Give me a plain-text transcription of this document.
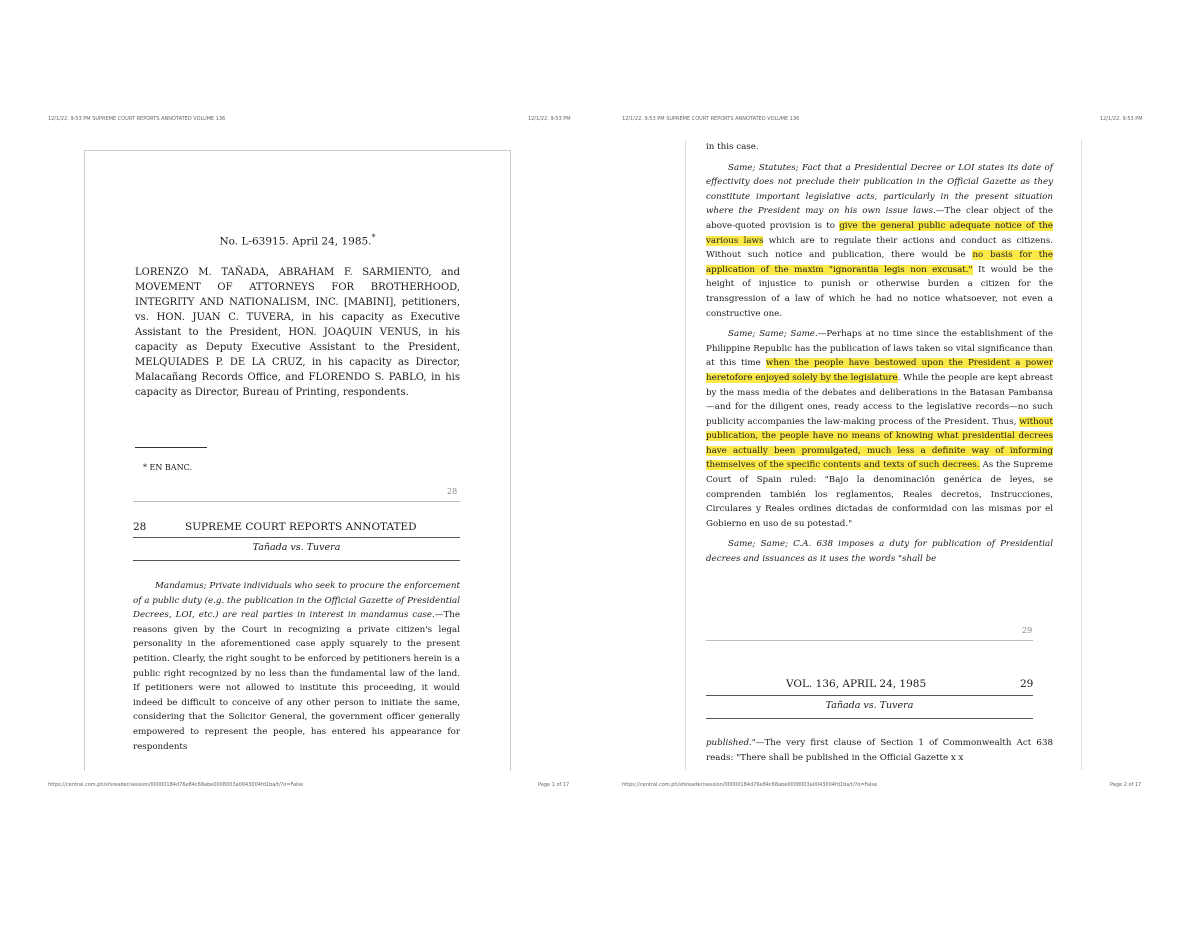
12/1/22, 9:53 PM SUPREME COURT REPORTS ANNOTATED VOLUME 136	12/1/22, 9:53 PM	12/1/22, 9:53 PM SUPREME COURT REPORTS ANNOTATED VOLUME 136	12/1/22, 9:53 PM
https://central.com.ph/sfsreader/session/00000184d76e84c68abe0008003a0043004fd1ba/t/?o=False	Page 1 of 17	https://central.com.ph/sfsreader/session/00000184d76e84c68abe0008003a0043004fd1ba/t/?o=False	Page 2 of 17
No. L-63915. April 24, 1985.*
LORENZO M. TAÑADA, ABRAHAM F. SARMIENTO, and MOVEMENT OF ATTORNEYS FOR BROTHERHOOD, INTEGRITY AND NATIONALISM, INC. [MABINI], petitioners, vs. HON. JUAN C. TUVERA, in his capacity as Executive Assistant to the President, HON. JOAQUIN VENUS, in his capacity as Deputy Executive Assistant to the President, MELQUIADES P. DE LA CRUZ, in his capacity as Director, Malacañang Records Office, and FLORENDO S. PABLO, in his capacity as Director, Bureau of Printing, respondents.
* EN BANC.
28
28	SUPREME COURT REPORTS ANNOTATED
Tañada vs. Tuvera

Mandamus; Private individuals who seek to procure the enforcement of a public duty (e.g. the publication in the Official Gazette of Presidential Decrees, LOI, etc.) are real parties in interest in mandamus case.—The reasons given by the Court in recognizing a private citizen's legal personality in the aforementioned case apply squarely to the present petition. Clearly, the right sought to be enforced by petitioners herein is a public right recognized by no less than the fundamental law of the land. If petitioners were not allowed to institute this proceeding, it would indeed be difficult to conceive of any other person to initiate the same, considering that the Solicitor General, the government officer generally empowered to represent the people, has entered his appearance for respondents

in this case.

Same; Statutes; Fact that a Presidential Decree or LOI states its date of effectivity does not preclude their publication in the Official Gazette as they constitute important legislative acts, particularly in the present situation where the President may on his own issue laws.—The clear object of the above-quoted provision is to give the general public adequate notice of the various laws which are to regulate their actions and conduct as citizens. Without such notice and publication, there would be no basis for the application of the maxim "ignorantia legis non excusat." It would be the height of injustice to punish or otherwise burden a citizen for the transgression of a law of which he had no notice whatsoever, not even a constructive one.

Same; Same; Same.—Perhaps at no time since the establishment of the Philippine Republic has the publication of laws taken so vital significance than at this time when the people have bestowed upon the President a power heretofore enjoyed solely by the legislature. While the people are kept abreast by the mass media of the debates and deliberations in the Batasan Pambansa—and for the diligent ones, ready access to the legislative records—no such publicity accompanies the law-making process of the President. Thus, without publication, the people have no means of knowing what presidential decrees have actually been promulgated, much less a definite way of informing themselves of the specific contents and texts of such decrees. As the Supreme Court of Spain ruled: "Bajo la denominación genérica de leyes, se comprenden también los reglamentos, Reales decretos, Instrucciones, Circulares y Reales ordines dictadas de conformidad con las mismas por el Gobierno en uso de su potestad."

Same; Same; C.A. 638 imposes a duty for publication of Presidential decrees and issuances as it uses the words "shall be

29
VOL. 136, APRIL 24, 1985	29
Tañada vs. Tuvera

published."—The very first clause of Section 1 of Commonwealth Act 638 reads: "There shall be published in the Official Gazette x x
